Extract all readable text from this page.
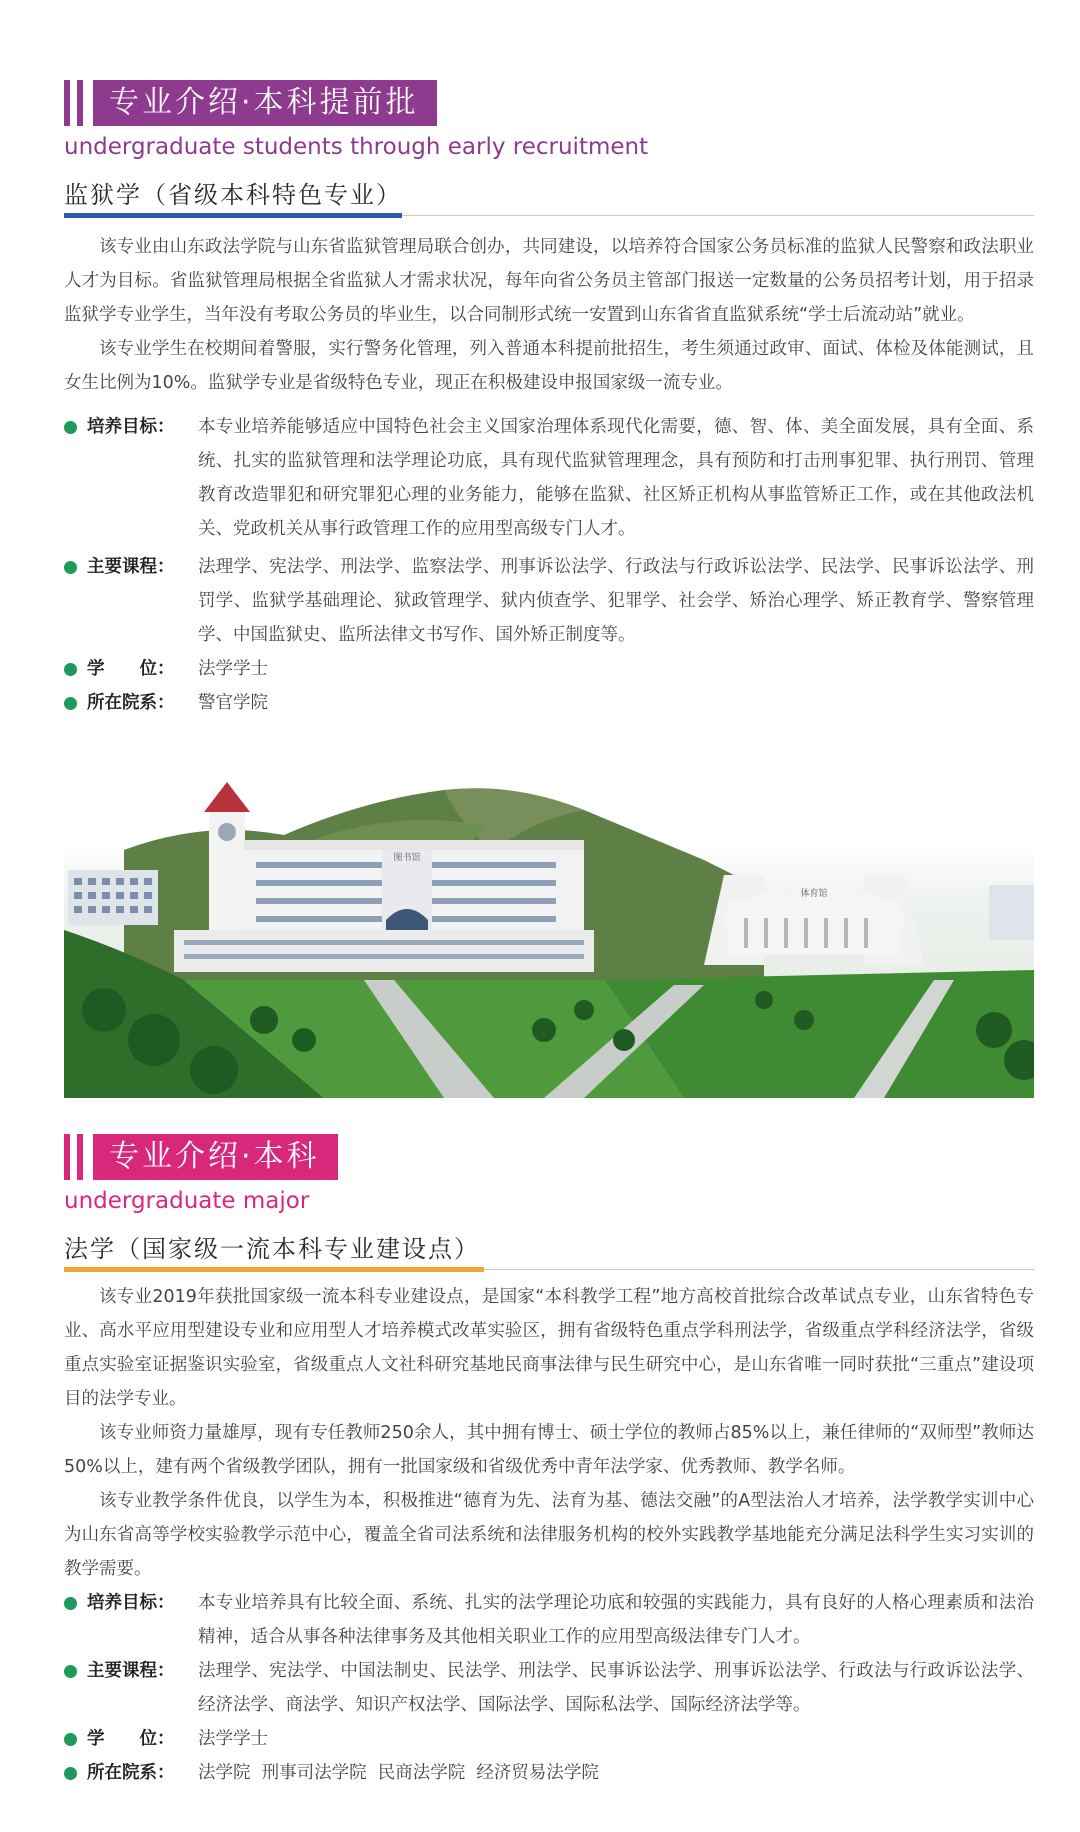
专业介绍·本科提前批
undergraduate students through early recruitment
监狱学（省级本科特色专业）

该专业由山东政法学院与山东省监狱管理局联合创办，共同建设，以培养符合国家公务员标准的监狱人民警察和政法职业人才为目标。省监狱管理局根据全省监狱人才需求状况，每年向省公务员主管部门报送一定数量的公务员招考计划，用于招录监狱学专业学生，当年没有考取公务员的毕业生，以合同制形式统一安置到山东省省直监狱系统“学士后流动站”就业。

该专业学生在校期间着警服，实行警务化管理，列入普通本科提前批招生，考生须通过政审、面试、体检及体能测试，且女生比例为10%。监狱学专业是省级特色专业，现正在积极建设申报国家级一流专业。

培养目标： 本专业培养能够适应中国特色社会主义国家治理体系现代化需要，德、智、体、美全面发展，具有全面、系统、扎实的监狱管理和法学理论功底，具有现代监狱管理理念，具有预防和打击刑事犯罪、执行刑罚、管理教育改造罪犯和研究罪犯心理的业务能力，能够在监狱、社区矫正机构从事监管矫正工作，或在其他政法机关、党政机关从事行政管理工作的应用型高级专门人才。
主要课程： 法理学、宪法学、刑法学、监察法学、刑事诉讼法学、行政法与行政诉讼法学、民法学、民事诉讼法学、刑罚学、监狱学基础理论、狱政管理学、狱内侦查学、犯罪学、社会学、矫治心理学、矫正教育学、警察管理学、中国监狱史、监所法律文书写作、国外矫正制度等。
学　　位： 法学学士
所在院系： 警官学院
图书馆
体育馆
专业介绍·本科
undergraduate major
法学（国家级一流本科专业建设点）

该专业2019年获批国家级一流本科专业建设点，是国家“本科教学工程”地方高校首批综合改革试点专业，山东省特色专业、高水平应用型建设专业和应用型人才培养模式改革实验区，拥有省级特色重点学科刑法学，省级重点学科经济法学，省级重点实验室证据鉴识实验室，省级重点人文社科研究基地民商事法律与民生研究中心，是山东省唯一同时获批“三重点”建设项目的法学专业。

该专业师资力量雄厚，现有专任教师250余人，其中拥有博士、硕士学位的教师占85%以上，兼任律师的“双师型”教师达50%以上，建有两个省级教学团队，拥有一批国家级和省级优秀中青年法学家、优秀教师、教学名师。

该专业教学条件优良，以学生为本，积极推进“德育为先、法育为基、德法交融”的A型法治人才培养，法学教学实训中心为山东省高等学校实验教学示范中心，覆盖全省司法系统和法律服务机构的校外实践教学基地能充分满足法科学生实习实训的教学需要。

培养目标： 本专业培养具有比较全面、系统、扎实的法学理论功底和较强的实践能力，具有良好的人格心理素质和法治精神，适合从事各种法律事务及其他相关职业工作的应用型高级法律专门人才。
主要课程： 法理学、宪法学、中国法制史、民法学、刑法学、民事诉讼法学、刑事诉讼法学、行政法与行政诉讼法学、经济法学、商法学、知识产权法学、国际法学、国际私法学、国际经济法学等。
学　　位： 法学学士
所在院系： 法学院  刑事司法学院  民商法学院  经济贸易法学院
